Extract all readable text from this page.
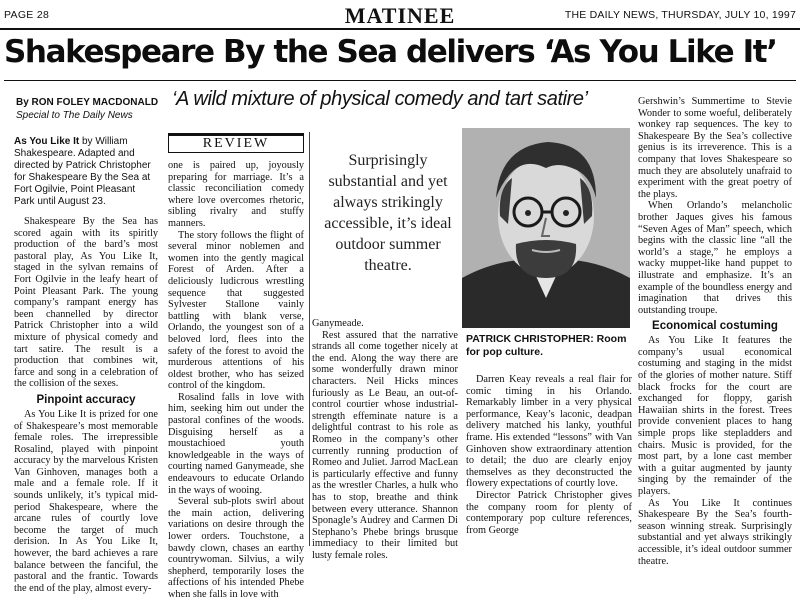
PAGE 28	MATINEE	THE DAILY NEWS, THURSDAY, JULY 10, 1997
Shakespeare By the Sea delivers ‘As You Like It’
By RON FOLEY MACDONALD
Special to The Daily News
‘A wild mixture of physical comedy and tart satire’
As You Like It by William Shakespeare. Adapted and directed by Patrick Christopher for Shakespeare By the Sea at Fort Ogilvie, Point Pleasant Park until August 23.

Shakespeare By the Sea has scored again with its spiritly production of the bard’s most pastoral play, As You Like It, staged in the sylvan remains of Fort Ogilvie in the leafy heart of Point Pleasant Park. The young company’s rampant energy has been channelled by director Patrick Christopher into a wild mixture of physical comedy and tart satire. The result is a production that combines wit, farce and song in a celebration of the collision of the sexes.

Pinpoint accuracy

As You Like It is prized for one of Shakespeare’s most memorable female roles. The irrepressible Rosalind, played with pinpoint accuracy by the marvelous Kristen Van Ginhoven, manages both a male and a female role. If it sounds unlikely, it’s typical mid-period Shakespeare, where the arcane rules of courtly love become the target of much derision. In As You Like It, however, the bard achieves a rare balance between the fanciful, the pastoral and the frantic. Towards the end of the play, almost every-

REVIEW

one is paired up, joyously preparing for marriage. It’s a classic reconciliation comedy where love overcomes rhetoric, sibling rivalry and stuffy manners.

The story follows the flight of several minor noblemen and women into the gently magical Forest of Arden. After a deliciously ludicrous wrestling sequence that suggested Sylvester Stallone vainly battling with blank verse, Orlando, the youngest son of a beloved lord, flees into the safety of the forest to avoid the murderous attentions of his oldest brother, who has seized control of the kingdom.

Rosalind falls in love with him, seeking him out under the pastoral confines of the woods. Disguising herself as a moustachioed youth knowledgeable in the ways of courting named Ganymeade, she endeavours to educate Orlando in the ways of wooing.

Several sub-plots swirl about the main action, delivering variations on desire through the lower orders. Touchstone, a bawdy clown, chases an earthy countrywoman. Silvius, a wily shepherd, temporarily loses the affections of his intended Phebe when she falls in love with

Surprisingly substantial and yet always strikingly accessible, it’s ideal outdoor summer theatre.

Ganymeade.

Rest assured that the narrative strands all come together nicely at the end. Along the way there are some wonderfully drawn minor characters. Neil Hicks minces furiously as Le Beau, an out-of-control courtier whose industrial-strength effeminate nature is a delightful contrast to his role as Romeo in the company’s other currently running production of Romeo and Juliet. Jarrod MacLean is particularly effective and funny as the wrestler Charles, a hulk who has to stop, breathe and think between every utterance. Shannon Sponagle’s Audrey and Carmen Di Stephano’s Phebe brings brusque immediacy to their limited but lusty female roles.

PATRICK CHRISTOPHER: Room for pop culture.

Darren Keay reveals a real flair for comic timing in his Orlando. Remarkably limber in a very physical performance, Keay’s laconic, deadpan delivery matched his lanky, youthful frame. His extended “lessons” with Van Ginhoven show extraordinary attention to detail; the duo are clearly enjoy themselves as they deconstructed the flowery expectations of courtly love.

Director Patrick Christopher gives the company room for plenty of contemporary pop culture references, from George

Gershwin’s Summertime to Stevie Wonder to some woeful, deliberately wonkey rap sequences. The key to Shakespeare By the Sea’s collective genius is its irreverence. This is a company that loves Shakespeare so much they are absolutely unafraid to experiment with the great poetry of the plays.

When Orlando’s melancholic brother Jaques gives his famous “Seven Ages of Man” speech, which begins with the classic line “all the world’s a stage,” he employs a wacky muppet-like hand puppet to illustrate and emphasize. It’s an example of the boundless energy and imagination that drives this outstanding troupe.

Economical costuming

As You Like It features the company’s usual economical costuming and staging in the midst of the glories of mother nature. Stiff black frocks for the court are exchanged for floppy, garish Hawaiian shirts in the forest. Trees provide convenient places to hang simple props like stepladders and chairs. Music is provided, for the most part, by a lone cast member with a guitar augmented by jaunty singing by the remainder of the players.

As You Like It continues Shakespeare By the Sea’s fourth-season winning streak. Surprisingly substantial and yet always strikingly accessible, it’s ideal outdoor summer theatre.
